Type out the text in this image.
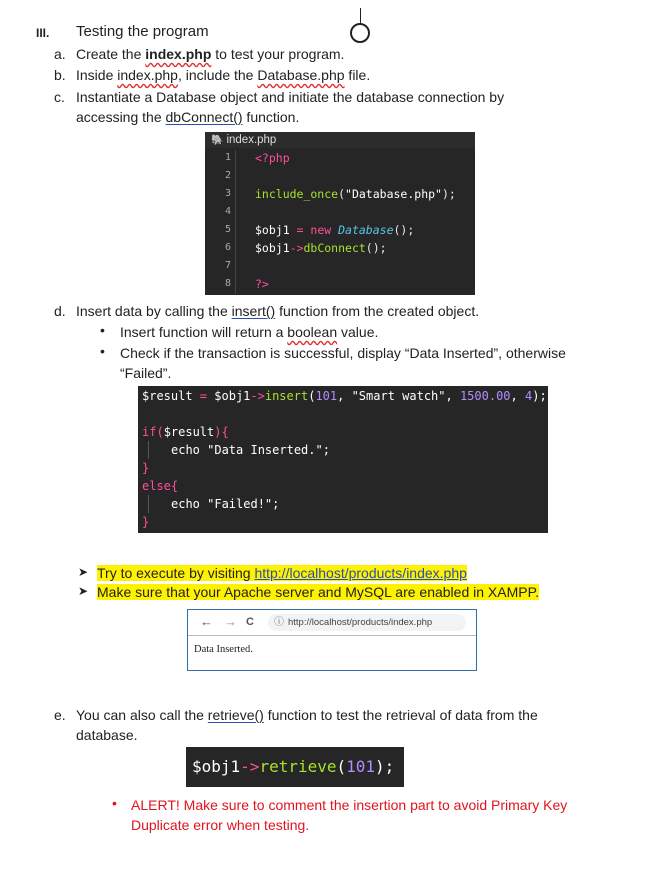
III. Testing the program
a. Create the index.php to test your program.
b. Inside index.php, include the Database.php file.
c. Instantiate a Database object and initiate the database connection by
accessing the dbConnect() function.
🐘 index.php
1
2
3
4
5
6
7
8
<?php
include_once("Database.php");
$obj1 = new Database();
$obj1->dbConnect();
?>
d. Insert data by calling the insert() function from the created object.
• Insert function will return a boolean value.
• Check if the transaction is successful, display “Data Inserted”, otherwise
“Failed”.
$result = $obj1->insert(101, "Smart watch", 1500.00, 4);
if($result){
echo "Data Inserted.";
}
else{
echo "Failed!";
}
➤ Try to execute by visiting http://localhost/products/index.php
➤ Make sure that your Apache server and MySQL are enabled in XAMPP.
← → C ⓘ http://localhost/products/index.php
Data Inserted.
e. You can also call the retrieve() function to test the retrieval of data from the
database.
$obj1->retrieve(101);
• ALERT! Make sure to comment the insertion part to avoid Primary Key
Duplicate error when testing.
